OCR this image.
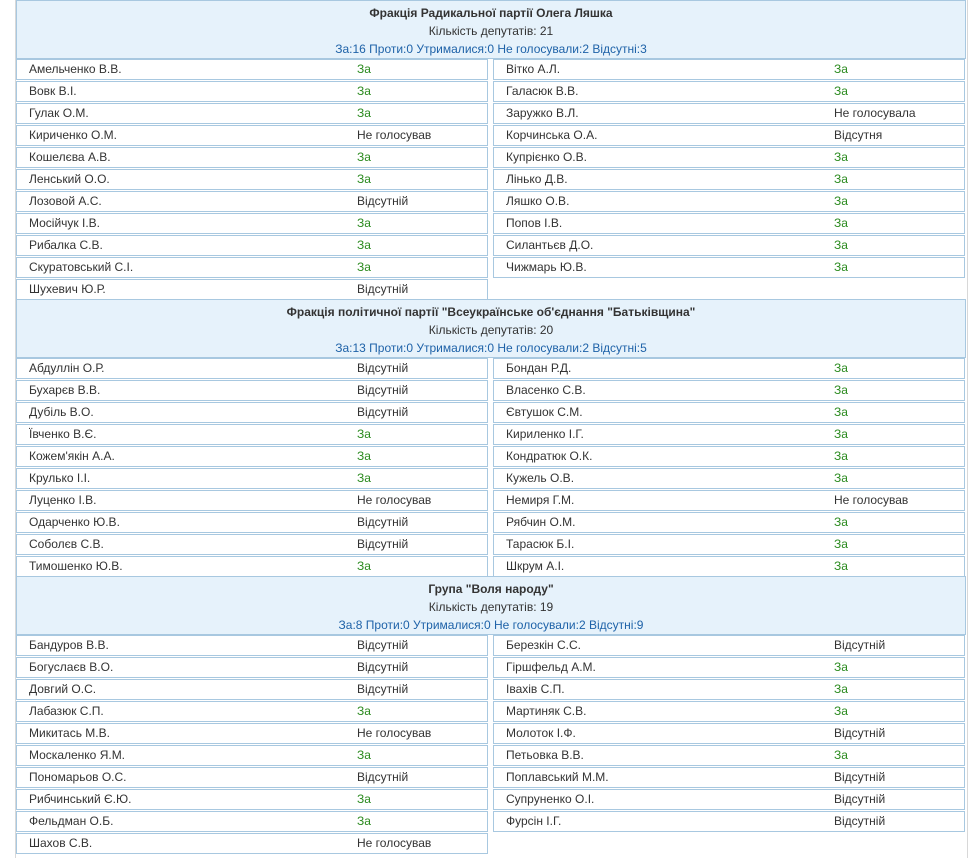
Фракція Радикальної партії Олега Ляшка
Кількість депутатів: 21
За:16 Проти:0 Утрималися:0 Не голосували:2 Відсутні:3
Амельченко В.В.	За	Вітко А.Л.	За
Вовк В.І.	За	Галасюк В.В.	За
Гулак О.М.	За	Заружко В.Л.	Не голосувала
Кириченко О.М.	Не голосував	Корчинська О.А.	Відсутня
Кошелєва А.В.	За	Купрієнко О.В.	За
Ленський О.О.	За	Лінько Д.В.	За
Лозовой А.С.	Відсутній	Ляшко О.В.	За
Мосійчук І.В.	За	Попов І.В.	За
Рибалка С.В.	За	Силантьєв Д.О.	За
Скуратовський С.І.	За	Чижмарь Ю.В.	За
Шухевич Ю.Р.	Відсутній
Фракція політичної партії "Всеукраїнське об'єднання "Батьківщина"
Кількість депутатів: 20
За:13 Проти:0 Утрималися:0 Не голосували:2 Відсутні:5
Абдуллін О.Р.	Відсутній	Бондан Р.Д.	За
Бухарєв В.В.	Відсутній	Власенко С.В.	За
Дубіль В.О.	Відсутній	Євтушок С.М.	За
Ївченко В.Є.	За	Кириленко І.Г.	За
Кожем'якін А.А.	За	Кондратюк О.К.	За
Крулько І.І.	За	Кужель О.В.	За
Луценко І.В.	Не голосував	Немиря Г.М.	Не голосував
Одарченко Ю.В.	Відсутній	Рябчин О.М.	За
Соболєв С.В.	Відсутній	Тарасюк Б.І.	За
Тимошенко Ю.В.	За	Шкрум А.І.	За
Група "Воля народу"
Кількість депутатів: 19
За:8 Проти:0 Утрималися:0 Не голосували:2 Відсутні:9
Бандуров В.В.	Відсутній	Березкін С.С.	Відсутній
Богуслаєв В.О.	Відсутній	Гіршфельд А.М.	За
Довгий О.С.	Відсутній	Івахів С.П.	За
Лабазюк С.П.	За	Мартиняк С.В.	За
Микитась М.В.	Не голосував	Молоток І.Ф.	Відсутній
Москаленко Я.М.	За	Петьовка В.В.	За
Пономарьов О.С.	Відсутній	Поплавський М.М.	Відсутній
Рибчинський Є.Ю.	За	Супруненко О.І.	Відсутній
Фельдман О.Б.	За	Фурсін І.Г.	Відсутній
Шахов С.В.	Не голосував
